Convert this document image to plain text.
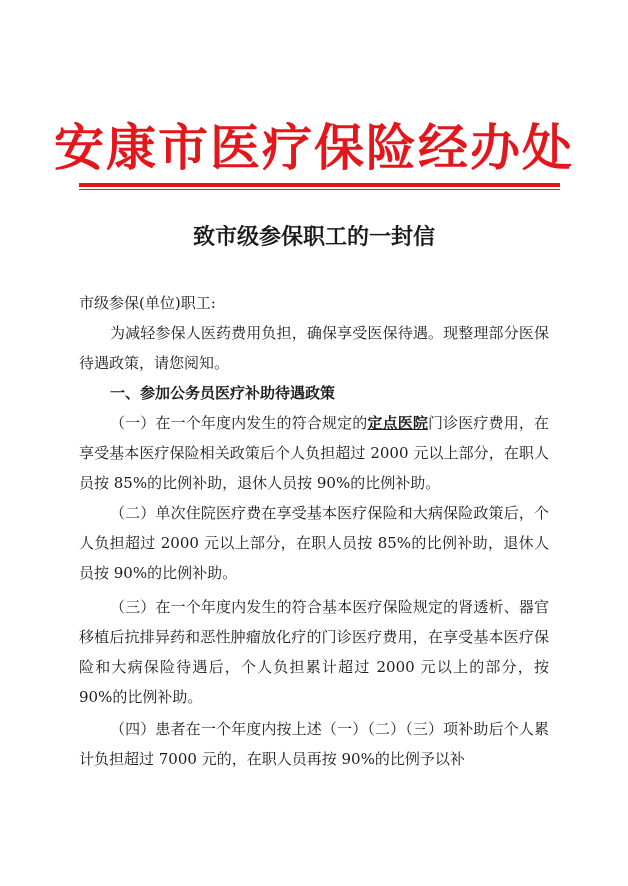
安康市医疗保险经办处
致市级参保职工的一封信
市级参保(单位)职工:
为减轻参保人医药费用负担，确保享受医保待遇。现整理部分医保待遇政策，请您阅知。
一、参加公务员医疗补助待遇政策
（一）在一个年度内发生的符合规定的定点医院门诊医疗费用，在享受基本医疗保险相关政策后个人负担超过 2000 元以上部分，在职人员按 85%的比例补助，退休人员按 90%的比例补助。
（二）单次住院医疗费在享受基本医疗保险和大病保险政策后，个人负担超过 2000 元以上部分，在职人员按 85%的比例补助，退休人员按 90%的比例补助。
（三）在一个年度内发生的符合基本医疗保险规定的肾透析、器官移植后抗排异药和恶性肿瘤放化疗的门诊医疗费用，在享受基本医疗保险和大病保险待遇后，个人负担累计超过 2000 元以上的部分，按 90%的比例补助。
（四）患者在一个年度内按上述（一）（二）（三）项补助后个人累计负担超过 7000 元的，在职人员再按 90%的比例予以补
